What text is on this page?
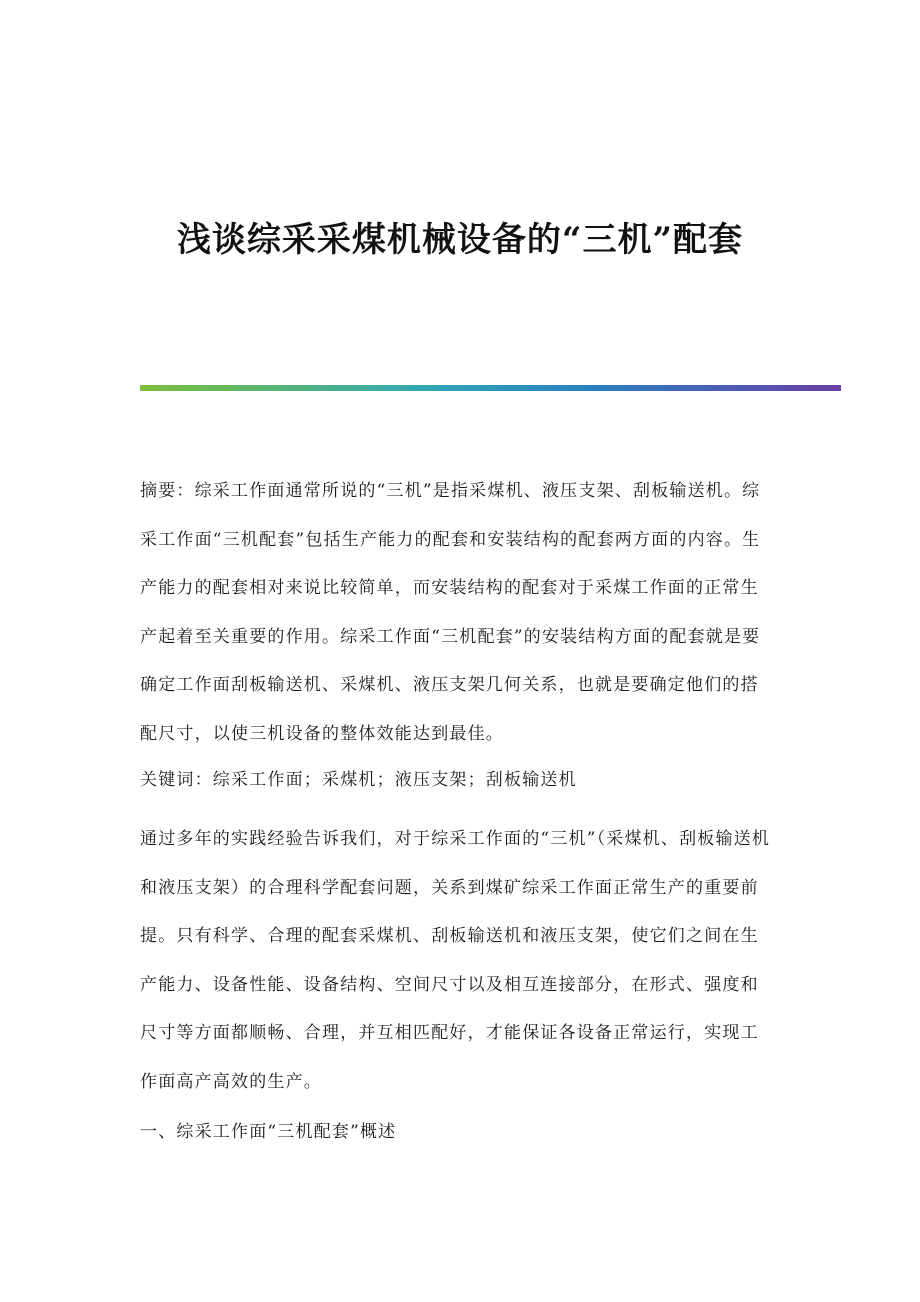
浅谈综采采煤机械设备的“三机”配套

摘要：综采工作面通常所说的“三机”是指采煤机、液压支架、刮板输送机。综采工作面“三机配套”包括生产能力的配套和安装结构的配套两方面的内容。生产能力的配套相对来说比较简单，而安装结构的配套对于采煤工作面的正常生产起着至关重要的作用。综采工作面“三机配套”的安装结构方面的配套就是要确定工作面刮板输送机、采煤机、液压支架几何关系，也就是要确定他们的搭配尺寸，以使三机设备的整体效能达到最佳。

关键词：综采工作面；采煤机；液压支架；刮板输送机

通过多年的实践经验告诉我们，对于综采工作面的“三机”（采煤机、刮板输送机和液压支架）的合理科学配套问题，关系到煤矿综采工作面正常生产的重要前提。只有科学、合理的配套采煤机、刮板输送机和液压支架，使它们之间在生产能力、设备性能、设备结构、空间尺寸以及相互连接部分，在形式、强度和尺寸等方面都顺畅、合理，并互相匹配好，才能保证各设备正常运行，实现工作面高产高效的生产。

一、综采工作面“三机配套”概述
